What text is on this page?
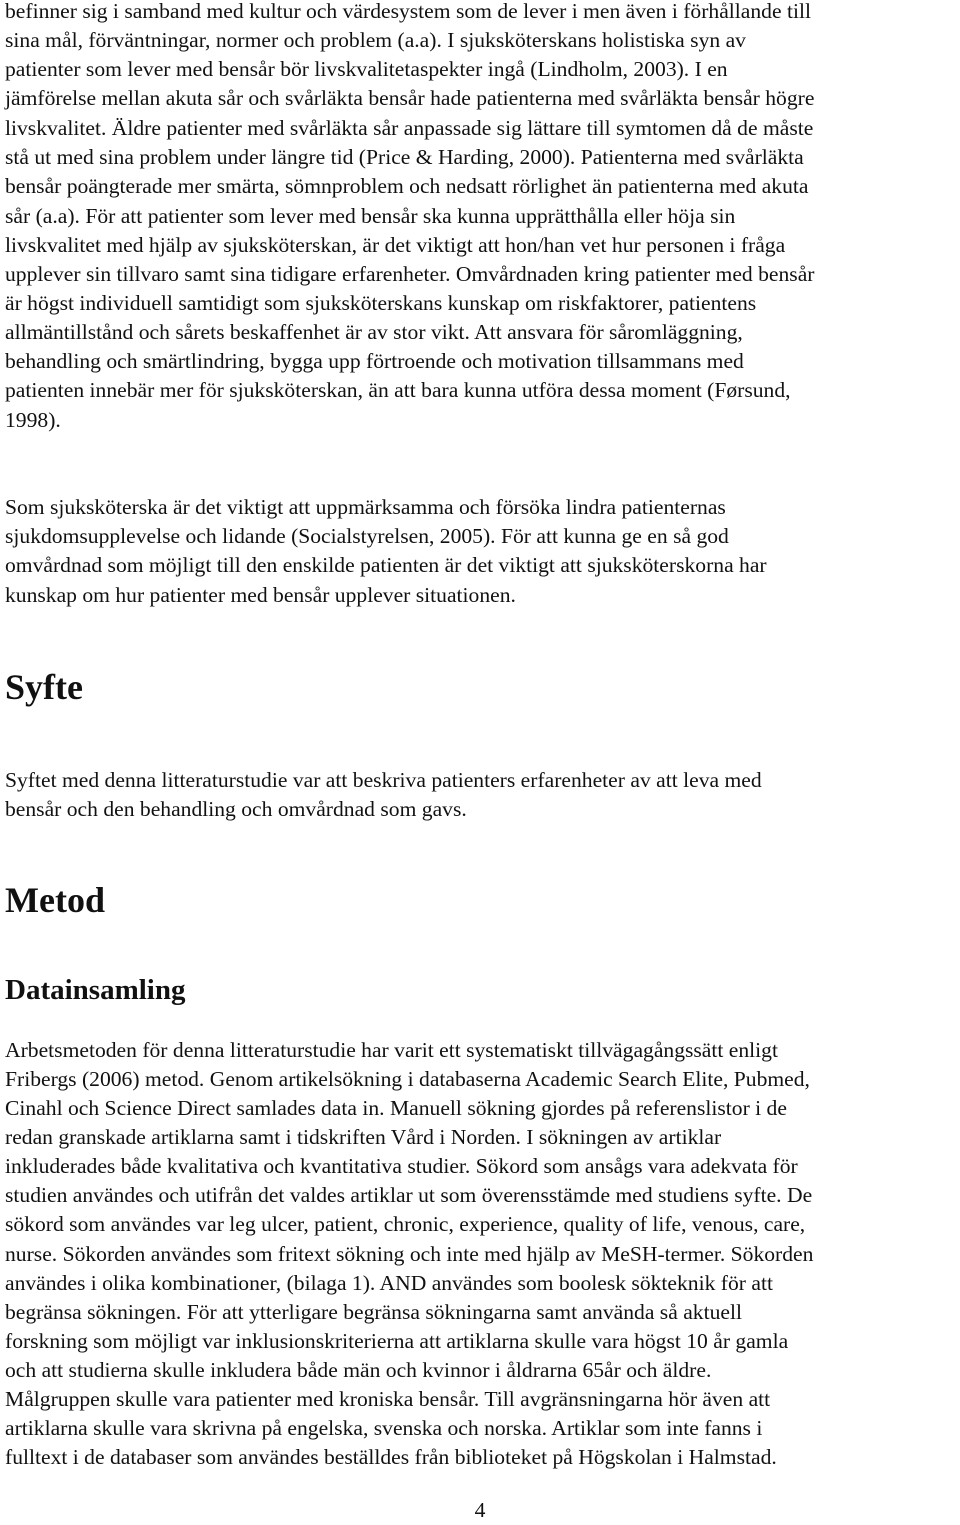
befinner sig i samband med kultur och värdesystem som de lever i men även i förhållande till

sina mål, förväntningar, normer och problem (a.a). I sjuksköterskans holistiska syn av

patienter som lever med bensår bör livskvalitetaspekter ingå (Lindholm, 2003). I en

jämförelse mellan akuta sår och svårläkta bensår hade patienterna med svårläkta bensår högre

livskvalitet. Äldre patienter med svårläkta sår anpassade sig lättare till symtomen då de måste

stå ut med sina problem under längre tid (Price & Harding, 2000). Patienterna med svårläkta

bensår poängterade mer smärta, sömnproblem och nedsatt rörlighet än patienterna med akuta

sår (a.a). För att patienter som lever med bensår ska kunna upprätthålla eller höja sin

livskvalitet med hjälp av sjuksköterskan, är det viktigt att hon/han vet hur personen i fråga

upplever sin tillvaro samt sina tidigare erfarenheter. Omvårdnaden kring patienter med bensår

är högst individuell samtidigt som sjuksköterskans kunskap om riskfaktorer, patientens

allmäntillstånd och sårets beskaffenhet är av stor vikt. Att ansvara för såromläggning,

behandling och smärtlindring, bygga upp förtroende och motivation tillsammans med

patienten innebär mer för sjuksköterskan, än att bara kunna utföra dessa moment (Førsund,

1998).

Som sjuksköterska är det viktigt att uppmärksamma och försöka lindra patienternas

sjukdomsupplevelse och lidande (Socialstyrelsen, 2005). För att kunna ge en så god

omvårdnad som möjligt till den enskilde patienten är det viktigt att sjuksköterskorna har

kunskap om hur patienter med bensår upplever situationen.

Syfte

Syftet med denna litteraturstudie var att beskriva patienters erfarenheter av att leva med

bensår och den behandling och omvårdnad som gavs.

Metod
Datainsamling

Arbetsmetoden för denna litteraturstudie har varit ett systematiskt tillvägagångssätt enligt

Fribergs (2006) metod. Genom artikelsökning i databaserna Academic Search Elite, Pubmed,

Cinahl och Science Direct samlades data in. Manuell sökning gjordes på referenslistor i de

redan granskade artiklarna samt i tidskriften Vård i Norden. I sökningen av artiklar

inkluderades både kvalitativa och kvantitativa studier. Sökord som ansågs vara adekvata för

studien användes och utifrån det valdes artiklar ut som överensstämde med studiens syfte. De

sökord som användes var leg ulcer, patient, chronic, experience, quality of life, venous, care,

nurse. Sökorden användes som fritext sökning och inte med hjälp av MeSH-termer. Sökorden

användes i olika kombinationer, (bilaga 1). AND användes som boolesk sökteknik för att

begränsa sökningen. För att ytterligare begränsa sökningarna samt använda så aktuell

forskning som möjligt var inklusionskriterierna att artiklarna skulle vara högst 10 år gamla

och att studierna skulle inkludera både män och kvinnor i åldrarna 65år och äldre.

Målgruppen skulle vara patienter med kroniska bensår. Till avgränsningarna hör även att

artiklarna skulle vara skrivna på engelska, svenska och norska. Artiklar som inte fanns i

fulltext i de databaser som användes beställdes från biblioteket på Högskolan i Halmstad.

4
